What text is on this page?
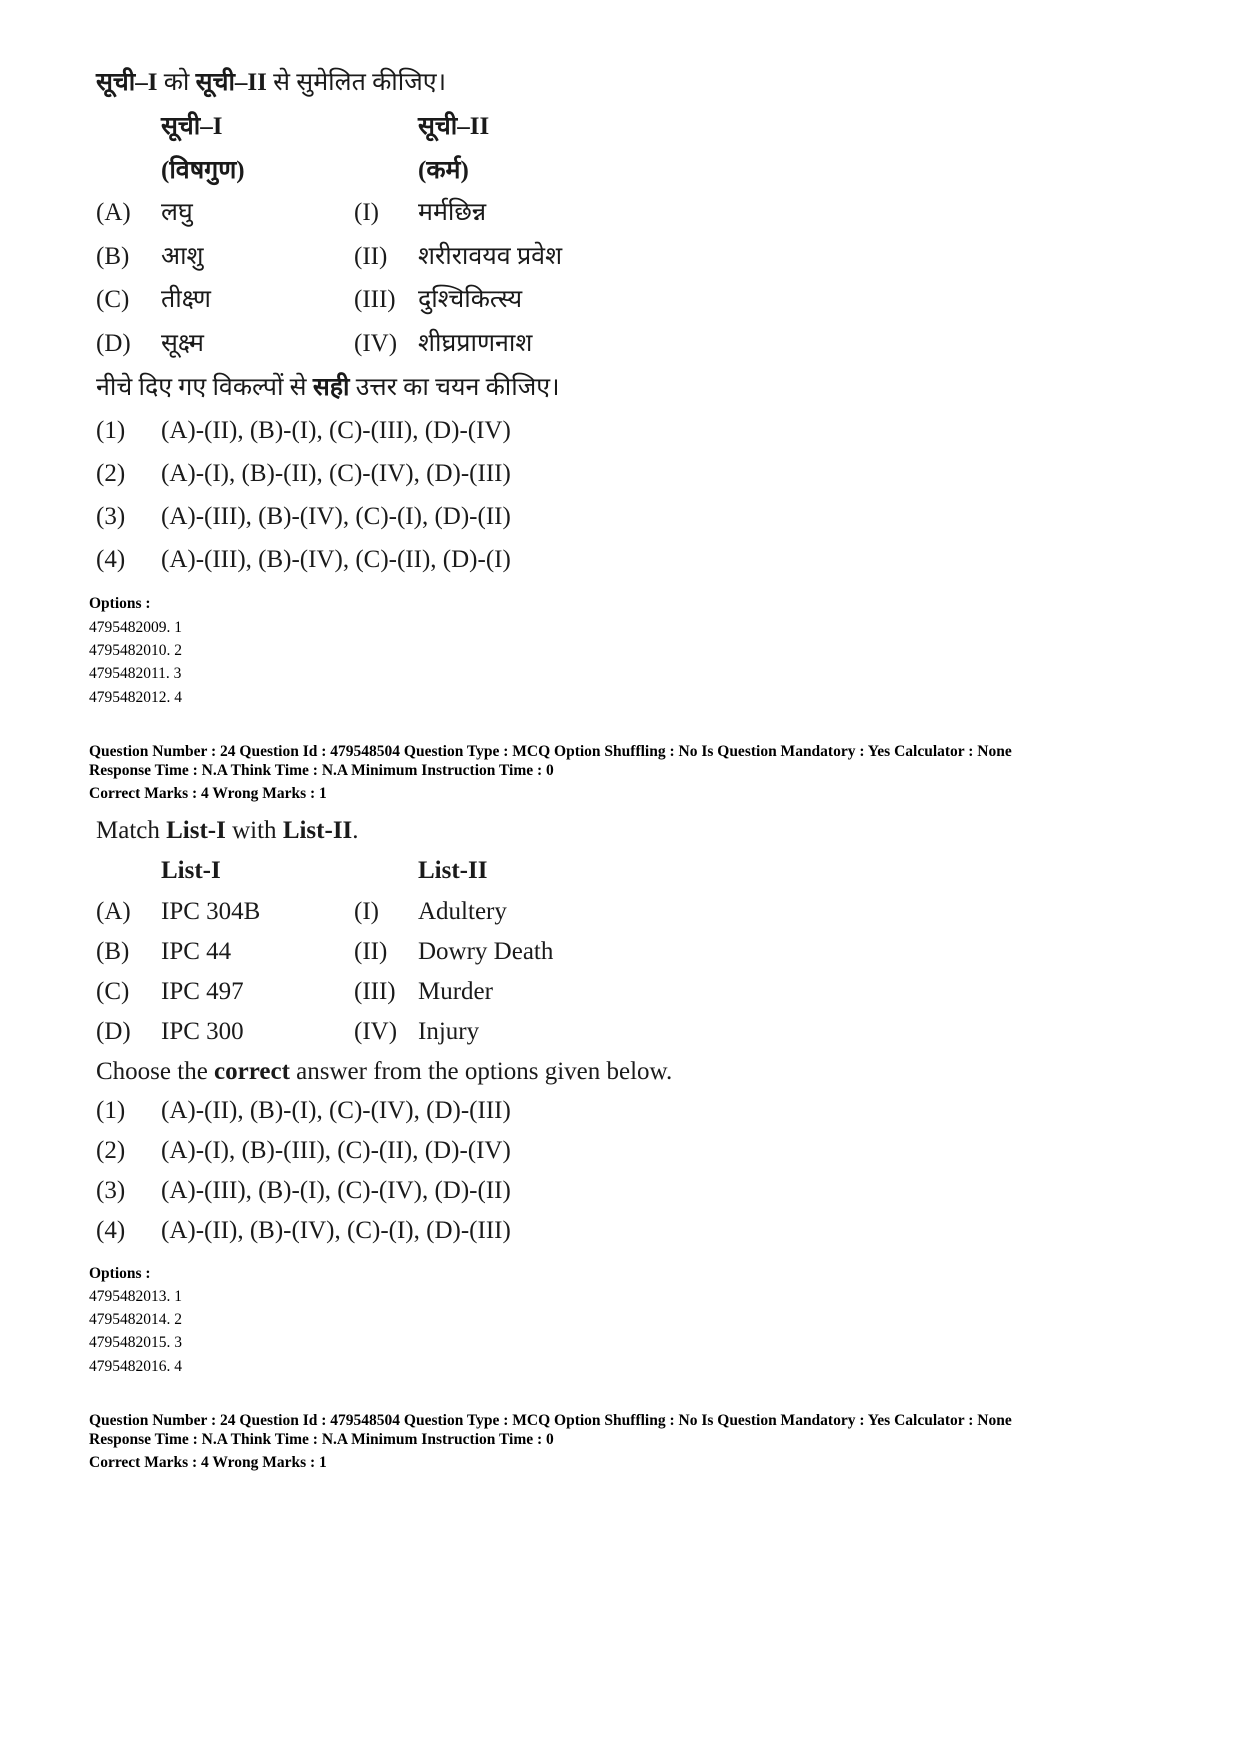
सूची–I को सूची–II से सुमेलित कीजिए।
सूची–I	सूची–II
(विषगुण)	(कर्म)
(A) लघु	(I) मर्मछिन्न
(B) आशु	(II) शरीरावयव प्रवेश
(C) तीक्ष्ण	(III) दुश्चिकित्स्य
(D) सूक्ष्म	(IV) शीघ्रप्राणनाश
नीचे दिए गए विकल्पों से सही उत्तर का चयन कीजिए।
(1) (A)-(II), (B)-(I), (C)-(III), (D)-(IV)
(2) (A)-(I), (B)-(II), (C)-(IV), (D)-(III)
(3) (A)-(III), (B)-(IV), (C)-(I), (D)-(II)
(4) (A)-(III), (B)-(IV), (C)-(II), (D)-(I)
Options :
4795482009. 1
4795482010. 2
4795482011. 3
4795482012. 4
Question Number : 24 Question Id : 479548504 Question Type : MCQ Option Shuffling : No Is Question Mandatory : Yes Calculator : None
Response Time : N.A Think Time : N.A Minimum Instruction Time : 0
Correct Marks : 4 Wrong Marks : 1
Match List-I with List-II.
List-I	List-II
(A) IPC 304B	(I) Adultery
(B) IPC 44	(II) Dowry Death
(C) IPC 497	(III) Murder
(D) IPC 300	(IV) Injury
Choose the correct answer from the options given below.
(1) (A)-(II), (B)-(I), (C)-(IV), (D)-(III)
(2) (A)-(I), (B)-(III), (C)-(II), (D)-(IV)
(3) (A)-(III), (B)-(I), (C)-(IV), (D)-(II)
(4) (A)-(II), (B)-(IV), (C)-(I), (D)-(III)
Options :
4795482013. 1
4795482014. 2
4795482015. 3
4795482016. 4
Question Number : 24 Question Id : 479548504 Question Type : MCQ Option Shuffling : No Is Question Mandatory : Yes Calculator : None
Response Time : N.A Think Time : N.A Minimum Instruction Time : 0
Correct Marks : 4 Wrong Marks : 1
